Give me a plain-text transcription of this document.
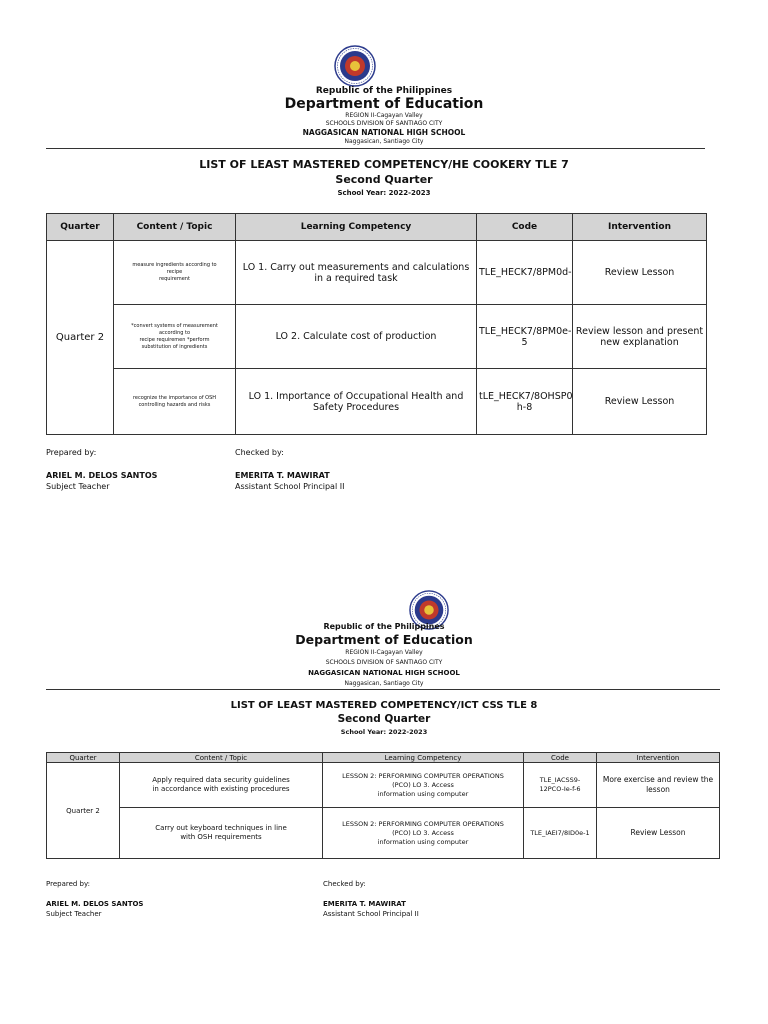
Republic of the Philippines
Department of Education
REGION II-Cagayan Valley
SCHOOLS DIVISION OF SANTIAGO CITY
NAGGASICAN NATIONAL HIGH SCHOOL
Naggasican, Santiago City
LIST OF LEAST MASTERED COMPETENCY/HE COOKERY TLE 7
Second Quarter
School Year: 2022-2023
Quarter	Content / Topic	Learning Competency	Code	Intervention
Quarter 2	measure ingredients according to
recipe
requirement	LO 1. Carry out measurements and calculations in a required task	TLE_HECK7/8PM0d-	Review Lesson
	*convert systems of measurement
according to
recipe requiremen *perform
substitution of ingredients	LO 2. Calculate cost of production	TLE_HECK7/8PM0e-
5	Review lesson and present new explanation
	recognize the importance of OSH
controlling hazards and risks	LO 1. Importance of Occupational Health and Safety Procedures	tLE_HECK7/8OHSP0
h-8	Review Lesson
Prepared by:	Checked by:
ARIEL M. DELOS SANTOS	EMERITA T. MAWIRAT
Subject Teacher	Assistant School Principal II
Republic of the Philippines
Department of Education
REGION II-Cagayan Valley
SCHOOLS DIVISION OF SANTIAGO CITY
NAGGASICAN NATIONAL HIGH SCHOOL
Naggasican, Santiago City
LIST OF LEAST MASTERED COMPETENCY/ICT CSS TLE 8
Second Quarter
School Year: 2022-2023
Quarter	Content / Topic	Learning Competency	Code	Intervention
Quarter 2	Apply required data security guidelines
in accordance with existing procedures	LESSON 2: PERFORMING COMPUTER OPERATIONS
(PCO) LO 3. Access
information using computer	TLE_IACSS9-
12PCO-Ie-f-6	More exercise and review the lesson
	Carry out keyboard techniques in line
with OSH requirements	LESSON 2: PERFORMING COMPUTER OPERATIONS
(PCO) LO 3. Access
information using computer	TLE_IAEI7/8ID0e-1	Review Lesson
Prepared by:	Checked by:
ARIEL M. DELOS SANTOS	EMERITA T. MAWIRAT
Subject Teacher	Assistant School Principal II
